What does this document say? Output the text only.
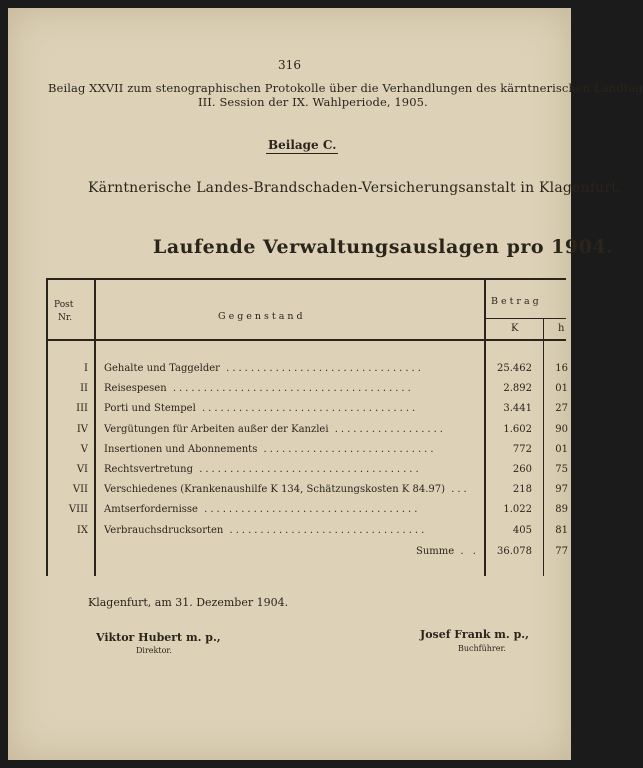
316
Beilag XXVII zum stenographischen Protokolle über die Verhandlungen des kärntnerischen Landtag
III. Session der IX. Wahlperiode, 1905.
Beilage C.
Kärntnerische Landes-Brandschaden-Versicherungsanstalt in Klagenfurt.
Laufende Verwaltungsauslagen pro 1904.
Post
Nr.	Gegenstand
Betrag
K	h
I Gehalte und Taggelder ................................	25.462	16
II Reisespesen .......................................	2.892	01
III Porti und Stempel ...................................	3.441	27
IV Vergütungen für Arbeiten außer der Kanzlei ..................	1.602	90
V Insertionen und Abonnements ............................	772	01
VI Rechtsvertretung ....................................	260	75
VII Verschiedenes (Krankenaushilfe K 134, Schätzungskosten K 84.97) ...	218	97
VIII Amtserfordernisse ...................................	1.022	89
IX Verbrauchsdrucksorten ................................	405	81
Summe . .	36.078	77
Klagenfurt, am 31. Dezember 1904.
Viktor Hubert m. p.,
Direktor.
Josef Frank m. p.,
Buchführer.
